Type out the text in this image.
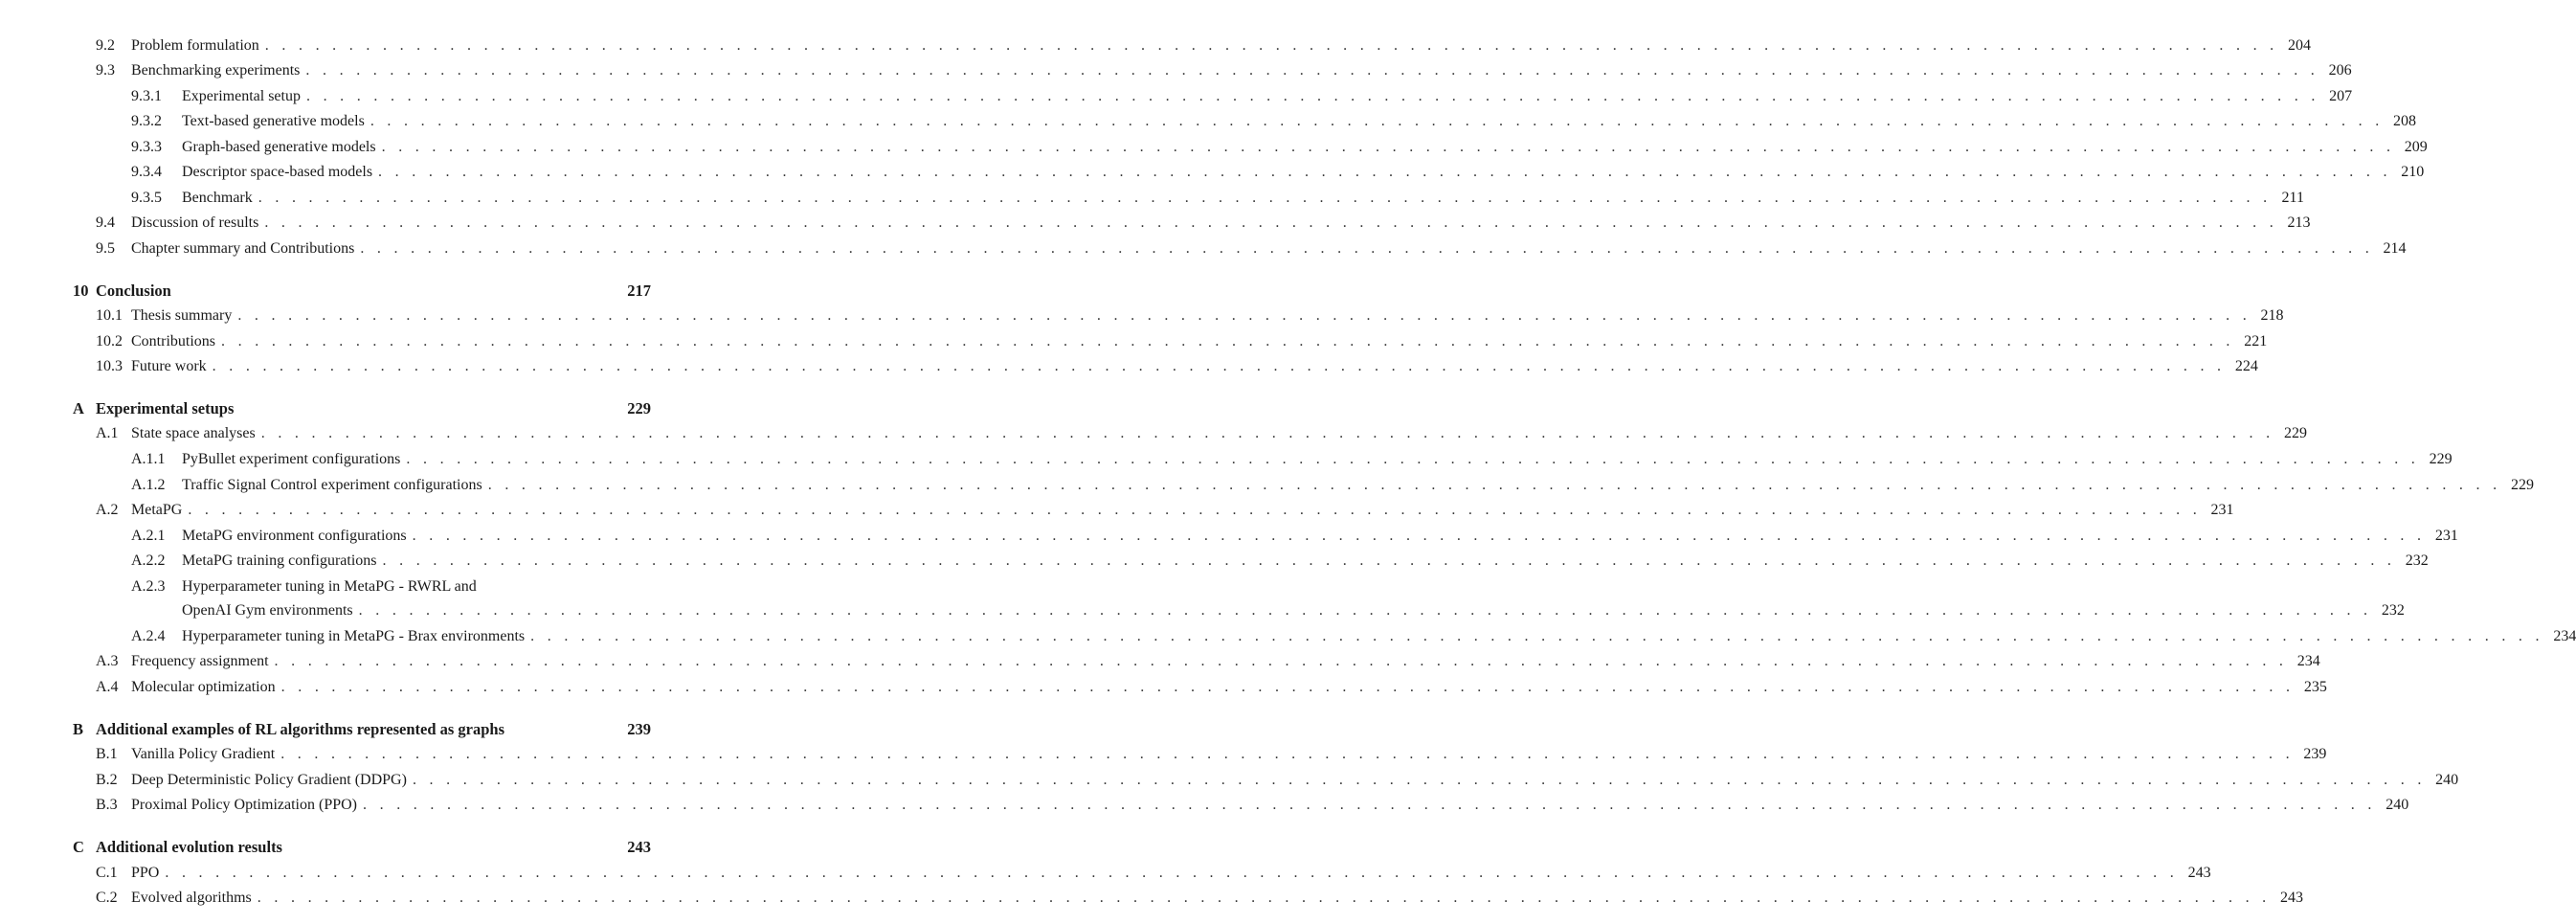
9.2	Problem formulation . . . . . . . . . . . . . . . . . . . . . . . . . . . . . . . . . . . . . . . . . . . . . . . . . . . . . . . . . . . . . . . . . . . . . . . . . . . . . . . . . . . . . . . . . . . . . . . . . . . . . . . . . . . . . . . . . . . . . . . . 204
9.3	Benchmarking experiments . . . . . . . . . . . . . . . . . . . . . . . . . . . . . . . . . . . . . . . . . . . . . . . . . . . . . . . . . . . . . . . . . . . . . . . . . . . . . . . . . . . . . . . . . . . . . . . . . . . . . . . . . . . . . . . . . . . . . . . . 206
9.3.1	Experimental setup . . . . . . . . . . . . . . . . . . . . . . . . . . . . . . . . . . . . . . . . . . . . . . . . . . . . . . . . . . . . . . . . . . . . . . . . . . . . . . . . . . . . . . . . . . . . . . . . . . . . . . . . . . . . . . . . . . . . . . . . 207
9.3.2	Text-based generative models . . . . . . . . . . . . . . . . . . . . . . . . . . . . . . . . . . . . . . . . . . . . . . . . . . . . . . . . . . . . . . . . . . . . . . . . . . . . . . . . . . . . . . . . . . . . . . . . . . . . . . . . . . . . . . . . . . . . . . . . 208
9.3.3	Graph-based generative models . . . . . . . . . . . . . . . . . . . . . . . . . . . . . . . . . . . . . . . . . . . . . . . . . . . . . . . . . . . . . . . . . . . . . . . . . . . . . . . . . . . . . . . . . . . . . . . . . . . . . . . . . . . . . . . . . . . . . . . . 209
9.3.4	Descriptor space-based models . . . . . . . . . . . . . . . . . . . . . . . . . . . . . . . . . . . . . . . . . . . . . . . . . . . . . . . . . . . . . . . . . . . . . . . . . . . . . . . . . . . . . . . . . . . . . . . . . . . . . . . . . . . . . . . . . . . . . . . . 210
9.3.5	Benchmark . . . . . . . . . . . . . . . . . . . . . . . . . . . . . . . . . . . . . . . . . . . . . . . . . . . . . . . . . . . . . . . . . . . . . . . . . . . . . . . . . . . . . . . . . . . . . . . . . . . . . . . . . . . . . . . . . . . . . . . . 211
9.4	Discussion of results . . . . . . . . . . . . . . . . . . . . . . . . . . . . . . . . . . . . . . . . . . . . . . . . . . . . . . . . . . . . . . . . . . . . . . . . . . . . . . . . . . . . . . . . . . . . . . . . . . . . . . . . . . . . . . . . . . . . . . . . 213
9.5	Chapter summary and Contributions . . . . . . . . . . . . . . . . . . . . . . . . . . . . . . . . . . . . . . . . . . . . . . . . . . . . . . . . . . . . . . . . . . . . . . . . . . . . . . . . . . . . . . . . . . . . . . . . . . . . . . . . . . . . . . . . . . . . . . . . 214
10 Conclusion	217
10.1 Thesis summary . . . . . . . . . . . . . . . . . . . . . . . . . . . . . . . . . . . . . . . . . . . . . . . . . . . . . . . . . . . . . . . . . . . . . . . . . . . . . . . . . . . . . . . . . . . . . . . . . . . . . . . . . . . . . . . . . . . . . . . . 218
10.2 Contributions . . . . . . . . . . . . . . . . . . . . . . . . . . . . . . . . . . . . . . . . . . . . . . . . . . . . . . . . . . . . . . . . . . . . . . . . . . . . . . . . . . . . . . . . . . . . . . . . . . . . . . . . . . . . . . . . . . . . . . . . 221
10.3 Future work . . . . . . . . . . . . . . . . . . . . . . . . . . . . . . . . . . . . . . . . . . . . . . . . . . . . . . . . . . . . . . . . . . . . . . . . . . . . . . . . . . . . . . . . . . . . . . . . . . . . . . . . . . . . . . . . . . . . . . . . 224
A Experimental setups	229
A.1 State space analyses . . . . . . . . . . . . . . . . . . . . . . . . . . . . . . . . . . . . . . . . . . . . . . . . . . . . . . . . . . . . . . . . . . . . . . . . . . . . . . . . . . . . . . . . . . . . . . . . . . . . . . . . . . . . . . . . . . . . . . . . 229
A.1.1	PyBullet experiment configurations . . . . . . . . . . . . . . . . . . . . . . . . . . . . . . . . . . . . . . . . . . . . . . . . . . . . . . . . . . . . . . . . . . . . . . . . . . . . . . . . . . . . . . . . . . . . . . . . . . . . . . . . . . . . . . . . . . . . . . . . 229
A.1.2	Traffic Signal Control experiment configurations . . . . . . . . . . . . . . . . . . . . . . . . . . . . . . . . . . . . . . . . . . . . . . . . . . . . . . . . . . . . . . . . . . . . . . . . . . . . . . . . . . . . . . . . . . . . . . . . . . . . . . . . . . . . . . . . . . . . . . . . 229
A.2 MetaPG . . . . . . . . . . . . . . . . . . . . . . . . . . . . . . . . . . . . . . . . . . . . . . . . . . . . . . . . . . . . . . . . . . . . . . . . . . . . . . . . . . . . . . . . . . . . . . . . . . . . . . . . . . . . . . . . . . . . . . . . 231
A.2.1	MetaPG environment configurations . . . . . . . . . . . . . . . . . . . . . . . . . . . . . . . . . . . . . . . . . . . . . . . . . . . . . . . . . . . . . . . . . . . . . . . . . . . . . . . . . . . . . . . . . . . . . . . . . . . . . . . . . . . . . . . . . . . . . . . . 231
A.2.2	MetaPG training configurations . . . . . . . . . . . . . . . . . . . . . . . . . . . . . . . . . . . . . . . . . . . . . . . . . . . . . . . . . . . . . . . . . . . . . . . . . . . . . . . . . . . . . . . . . . . . . . . . . . . . . . . . . . . . . . . . . . . . . . . . 232
A.2.3	Hyperparameter tuning in MetaPG - RWRL and
OpenAI Gym environments . . . . . . . . . . . . . . . . . . . . . . . . . . . . . . . . . . . . . . . . . . . . . . . . . . . . . . . . . . . . . . . . . . . . . . . . . . . . . . . . . . . . . . . . . . . . . . . . . . . . . . . . . . . . . . . . . . . . . . . . 232
A.2.4	Hyperparameter tuning in MetaPG - Brax environments . . . . . . . . . . . . . . . . . . . . . . . . . . . . . . . . . . . . . . . . . . . . . . . . . . . . . . . . . . . . . . . . . . . . . . . . . . . . . . . . . . . . . . . . . . . . . . . . . . . . . . . . . . . . . . . . . . . . . . . . 234
A.3 Frequency assignment . . . . . . . . . . . . . . . . . . . . . . . . . . . . . . . . . . . . . . . . . . . . . . . . . . . . . . . . . . . . . . . . . . . . . . . . . . . . . . . . . . . . . . . . . . . . . . . . . . . . . . . . . . . . . . . . . . . . . . . . 234
A.4 Molecular optimization . . . . . . . . . . . . . . . . . . . . . . . . . . . . . . . . . . . . . . . . . . . . . . . . . . . . . . . . . . . . . . . . . . . . . . . . . . . . . . . . . . . . . . . . . . . . . . . . . . . . . . . . . . . . . . . . . . . . . . . . 235
B Additional examples of RL algorithms represented as graphs	239
B.1 Vanilla Policy Gradient . . . . . . . . . . . . . . . . . . . . . . . . . . . . . . . . . . . . . . . . . . . . . . . . . . . . . . . . . . . . . . . . . . . . . . . . . . . . . . . . . . . . . . . . . . . . . . . . . . . . . . . . . . . . . . . . . . . . . . . . 239
B.2 Deep Deterministic Policy Gradient (DDPG) . . . . . . . . . . . . . . . . . . . . . . . . . . . . . . . . . . . . . . . . . . . . . . . . . . . . . . . . . . . . . . . . . . . . . . . . . . . . . . . . . . . . . . . . . . . . . . . . . . . . . . . . . . . . . . . . . . . . . . . . 240
B.3 Proximal Policy Optimization (PPO) . . . . . . . . . . . . . . . . . . . . . . . . . . . . . . . . . . . . . . . . . . . . . . . . . . . . . . . . . . . . . . . . . . . . . . . . . . . . . . . . . . . . . . . . . . . . . . . . . . . . . . . . . . . . . . . . . . . . . . . . 240
C Additional evolution results	243
C.1 PPO . . . . . . . . . . . . . . . . . . . . . . . . . . . . . . . . . . . . . . . . . . . . . . . . . . . . . . . . . . . . . . . . . . . . . . . . . . . . . . . . . . . . . . . . . . . . . . . . . . . . . . . . . . . . . . . . . . . . . . . . 243
C.2 Evolved algorithms . . . . . . . . . . . . . . . . . . . . . . . . . . . . . . . . . . . . . . . . . . . . . . . . . . . . . . . . . . . . . . . . . . . . . . . . . . . . . . . . . . . . . . . . . . . . . . . . . . . . . . . . . . . . . . . . . . . . . . . . 243
